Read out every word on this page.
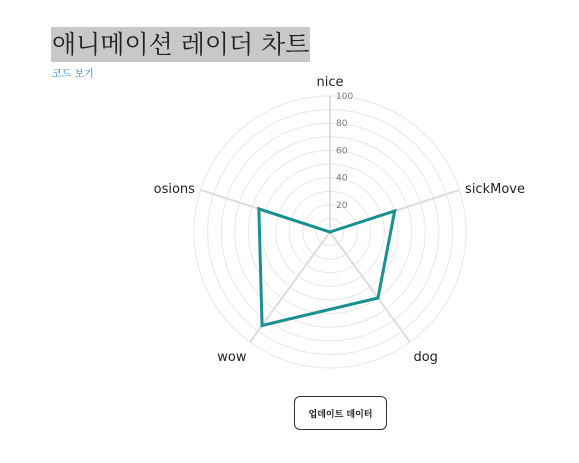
애니메이션 레이더 차트
코드 보기
20
40
60
80
100
nice
sickMove
dog
wow
osions
업데이트 데이터
